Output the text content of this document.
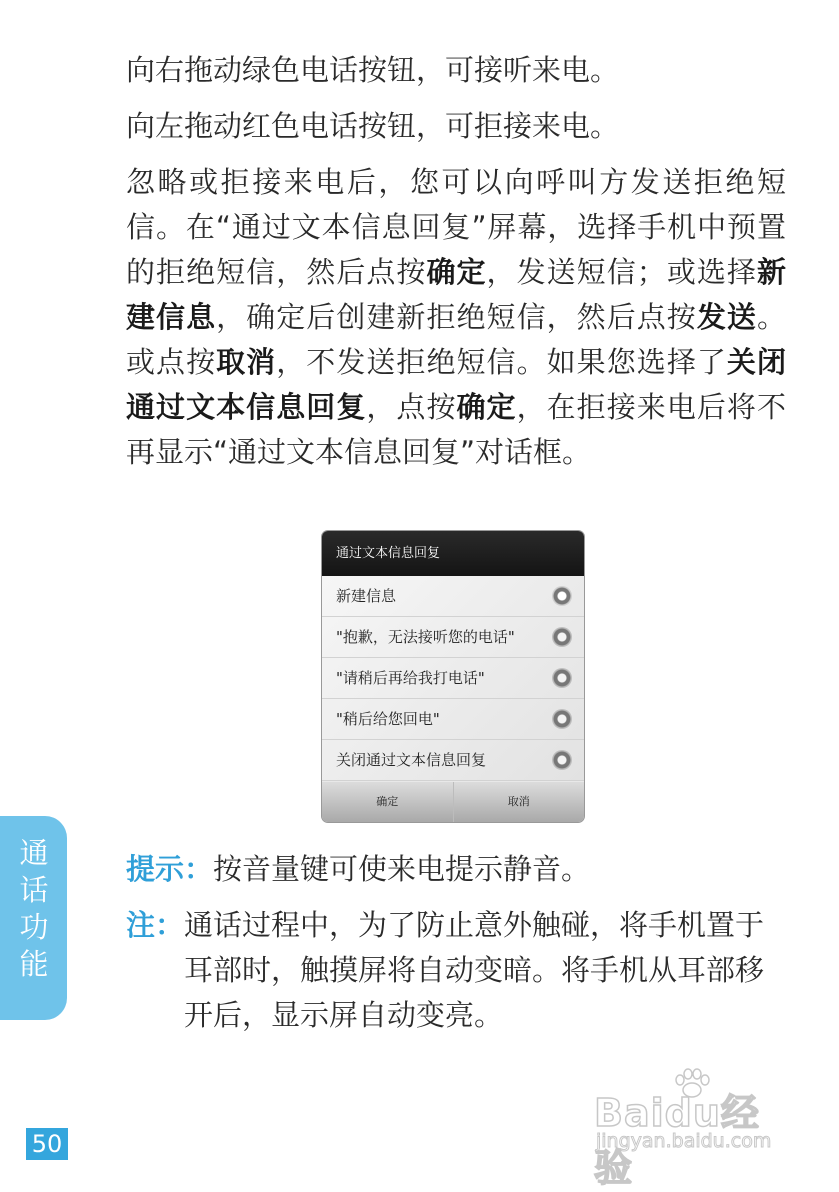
向右拖动绿色电话按钮，可接听来电。

向左拖动红色电话按钮，可拒接来电。

忽略或拒接来电后，您可以向呼叫方发送拒绝短信。在“通过文本信息回复”屏幕，选择手机中预置的拒绝短信，然后点按确定，发送短信；或选择新建信息，确定后创建新拒绝短信，然后点按发送。或点按取消，不发送拒绝短信。如果您选择了关闭通过文本信息回复，点按确定，在拒接来电后将不再显示“通过文本信息回复”对话框。

通过文本信息回复
新建信息
"抱歉，无法接听您的电话"
"请稍后再给我打电话"
"稍后给您回电"
关闭通过文本信息回复
确定	取消

提示：按音量键可使来电提示静音。

注：通话过程中，为了防止意外触碰，将手机置于耳部时，触摸屏将自动变暗。将手机从耳部移开后，显示屏自动变亮。

通话功能
50
Baidu经验
jingyan.baidu.com
